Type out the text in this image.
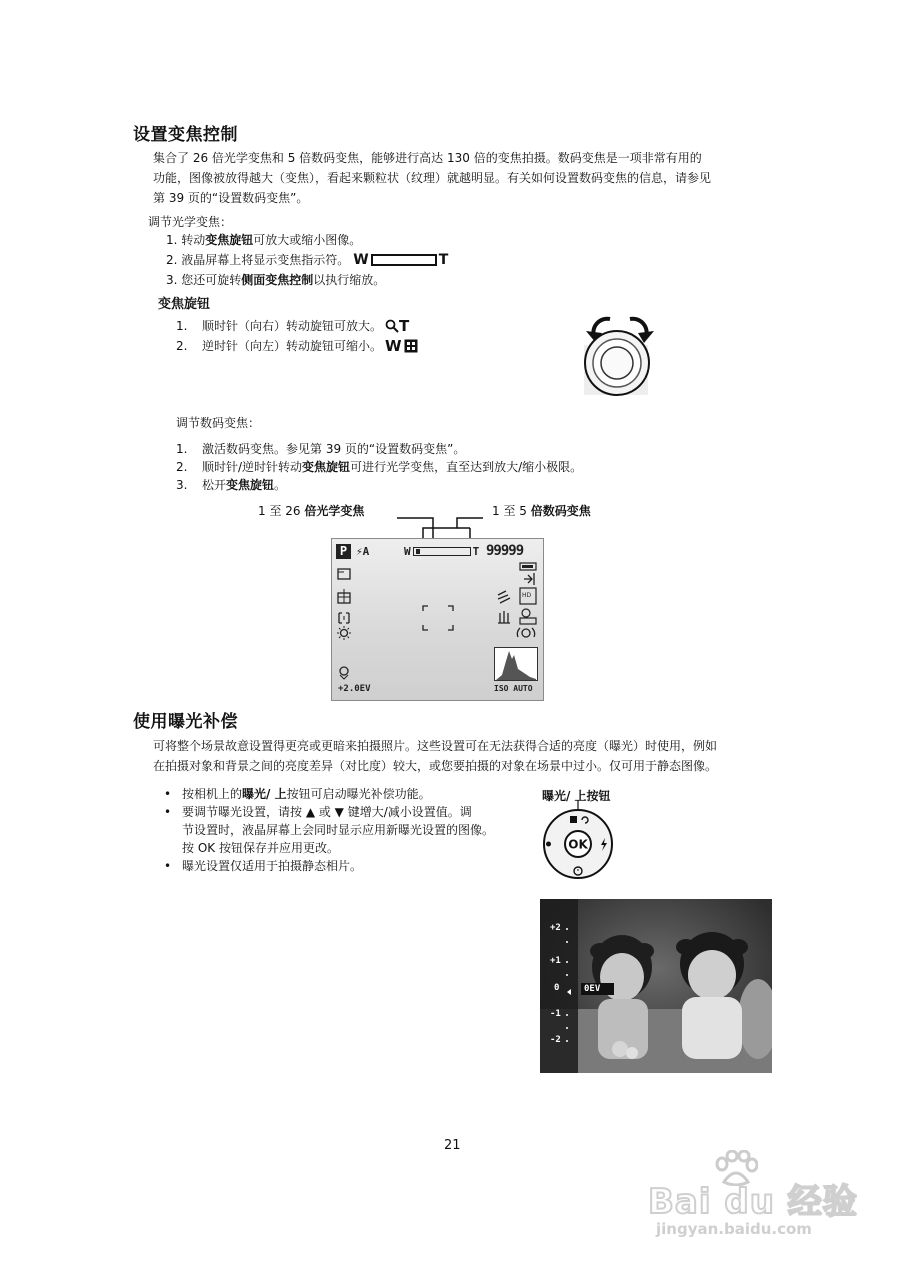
设置变焦控制
集合了 26 倍光学变焦和 5 倍数码变焦，能够进行高达 130 倍的变焦拍摄。数码变焦是一项非常有用的
功能，图像被放得越大（变焦），看起来颗粒状（纹理）就越明显。有关如何设置数码变焦的信息，请参见
第 39 页的“设置数码变焦”。
调节光学变焦：
1. 转动变焦旋钮可放大或缩小图像。
2. 液晶屏幕上将显示变焦指示符。 W	T
3. 您还可旋转侧面变焦控制以执行缩放。
变焦旋钮
1.	顺时针（向右）转动旋钮可放大。 T
2.	逆时针（向左）转动旋钮可缩小。 W
调节数码变焦：
1. 激活数码变焦。参见第 39 页的“设置数码变焦”。
2. 顺时针/逆时针转动变焦旋钮可进行光学变焦，直至达到放大/缩小极限。
3. 松开变焦旋钮。
1 至 26 倍光学变焦	1 至 5 倍数码变焦
P ⚡A	W	T 99999
HD
+2.0EV	ISO AUTO
使用曝光补偿
可将整个场景故意设置得更亮或更暗来拍摄照片。这些设置可在无法获得合适的亮度（曝光）时使用，例如
在拍摄对象和背景之间的亮度差异（对比度）较大，或您要拍摄的对象在场景中过小。仅可用于静态图像。
• 按相机上的曝光/ 上按钮可启动曝光补偿功能。
• 要调节曝光设置，请按 ▲ 或 ▼ 键增大/减小设置值。调
节设置时，液晶屏幕上会同时显示应用新曝光设置的图像。
按 OK 按钮保存并应用更改。
• 曝光设置仅适用于拍摄静态相片。
曝光/ 上按钮
OK
+2
+1
0
-1
-2
0EV
21
Bai du 经验
jingyan.baidu.com
